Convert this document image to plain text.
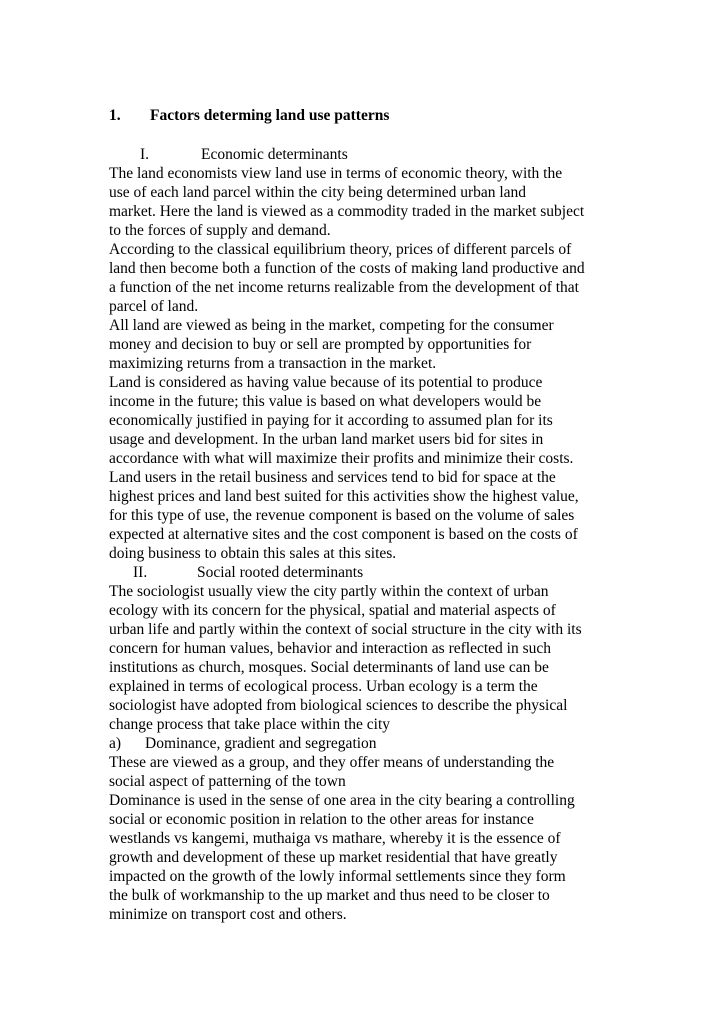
1. Factors determing land use patterns
I.	Economic determinants
The land economists view land use in terms of economic theory, with the
use of each land parcel within the city being determined urban land
market. Here the land is viewed as a commodity traded in the market subject
to the forces of supply and demand.
According to the classical equilibrium theory, prices of different parcels of
land then become both a function of the costs of making land productive and
a function of the net income returns realizable from the development of that
parcel of land.
All land are viewed as being in the market, competing for the consumer
money and decision to buy or sell are prompted by opportunities for
maximizing returns from a transaction in the market.
Land is considered as having value because of its potential to produce
income in the future; this value is based on what developers would be
economically justified in paying for it according to assumed plan for its
usage and development. In the urban land market users bid for sites in
accordance with what will maximize their profits and minimize their costs.
Land users in the retail business and services tend to bid for space at the
highest prices and land best suited for this activities show the highest value,
for this type of use, the revenue component is based on the volume of sales
expected at alternative sites and the cost component is based on the costs of
doing business to obtain this sales at this sites.
II.	Social rooted determinants
The sociologist usually view the city partly within the context of urban
ecology with its concern for the physical, spatial and material aspects of
urban life and partly within the context of social structure in the city with its
concern for human values, behavior and interaction as reflected in such
institutions as church, mosques. Social determinants of land use can be
explained in terms of ecological process. Urban ecology is a term the
sociologist have adopted from biological sciences to describe the physical
change process that take place within the city
a) Dominance, gradient and segregation
These are viewed as a group, and they offer means of understanding the
social aspect of patterning of the town
Dominance is used in the sense of one area in the city bearing a controlling
social or economic position in relation to the other areas for instance
westlands vs kangemi, muthaiga vs mathare, whereby it is the essence of
growth and development of these up market residential that have greatly
impacted on the growth of the lowly informal settlements since they form
the bulk of workmanship to the up market and thus need to be closer to
minimize on transport cost and others.
